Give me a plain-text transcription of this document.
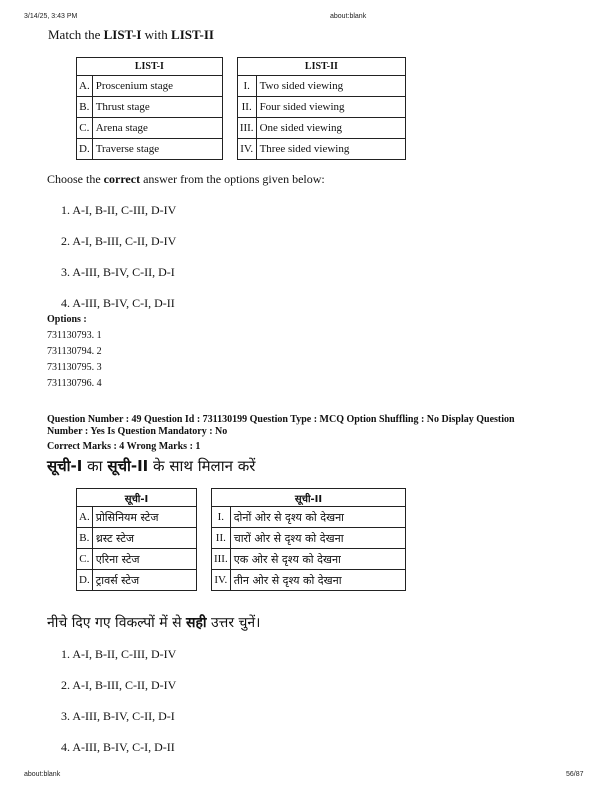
3/14/25, 3:43 PM	about:blank
Match the LIST-I with LIST-II
LIST-I			LIST-II	
A.	Proscenium stage		I.	Two sided viewing
B.	Thrust stage		II.	Four sided viewing
C.	Arena stage		III.	One sided viewing
D.	Traverse stage		IV.	Three sided viewing
Choose the correct answer from the options given below:
1. A-I, B-II, C-III, D-IV
2. A-I, B-III, C-II, D-IV
3. A-III, B-IV, C-II, D-I
4. A-III, B-IV, C-I, D-II
Options :
731130793. 1
731130794. 2
731130795. 3
731130796. 4
Question Number : 49 Question Id : 731130199 Question Type : MCQ Option Shuffling : No Display Question
Number : Yes Is Question Mandatory : No
Correct Marks : 4 Wrong Marks : 1
सूची-I का सूची-II के साथ मिलान करें
सूची-I			सूची-II	
A.	प्रोसिनियम स्टेज		I.	दोनों ओर से दृश्य को देखना
B.	थ्रस्ट स्टेज		II.	चारों ओर से दृश्य को देखना
C.	एरिना स्टेज		III.	एक ओर से दृश्य को देखना
D.	ट्रावर्स स्टेज		IV.	तीन ओर से दृश्य को देखना
नीचे दिए गए विकल्पों में से सही उत्तर चुनें।
1. A-I, B-II, C-III, D-IV
2. A-I, B-III, C-II, D-IV
3. A-III, B-IV, C-II, D-I
4. A-III, B-IV, C-I, D-II
about:blank	56/87
